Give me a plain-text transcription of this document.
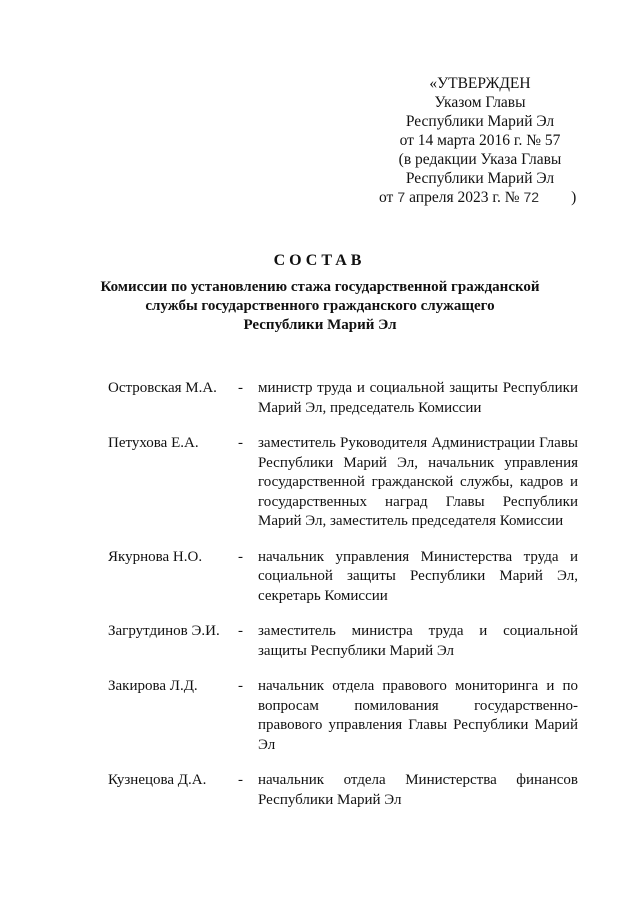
«УТВЕРЖДЕН
Указом Главы
Республики Марий Эл
от 14 марта 2016 г. № 57
(в редакции Указа Главы
Республики Марий Эл
от 7 апреля 2023 г. № 72 )
СОСТАВ
Комиссии по установлению стажа государственной гражданской
службы государственного гражданского служащего
Республики Марий Эл
Островская М.А.	-	министр труда и социальной защиты Республики Марий Эл, председатель Комиссии
Петухова Е.А.	-	заместитель Руководителя Администрации Главы Республики Марий Эл, начальник управления государственной гражданской службы, кадров и государственных наград Главы Республики Марий Эл, заместитель председателя Комиссии
Якурнова Н.О.	-	начальник управления Министерства труда и социальной защиты Республики Марий Эл, секретарь Комиссии
Загрутдинов Э.И.	-	заместитель министра труда и социальной защиты Республики Марий Эл
Закирова Л.Д.	-	начальник отдела правового мониторинга и по вопросам помилования государственно-правового управления Главы Республики Марий Эл
Кузнецова Д.А.	-	начальник отдела Министерства финансов Республики Марий Эл
